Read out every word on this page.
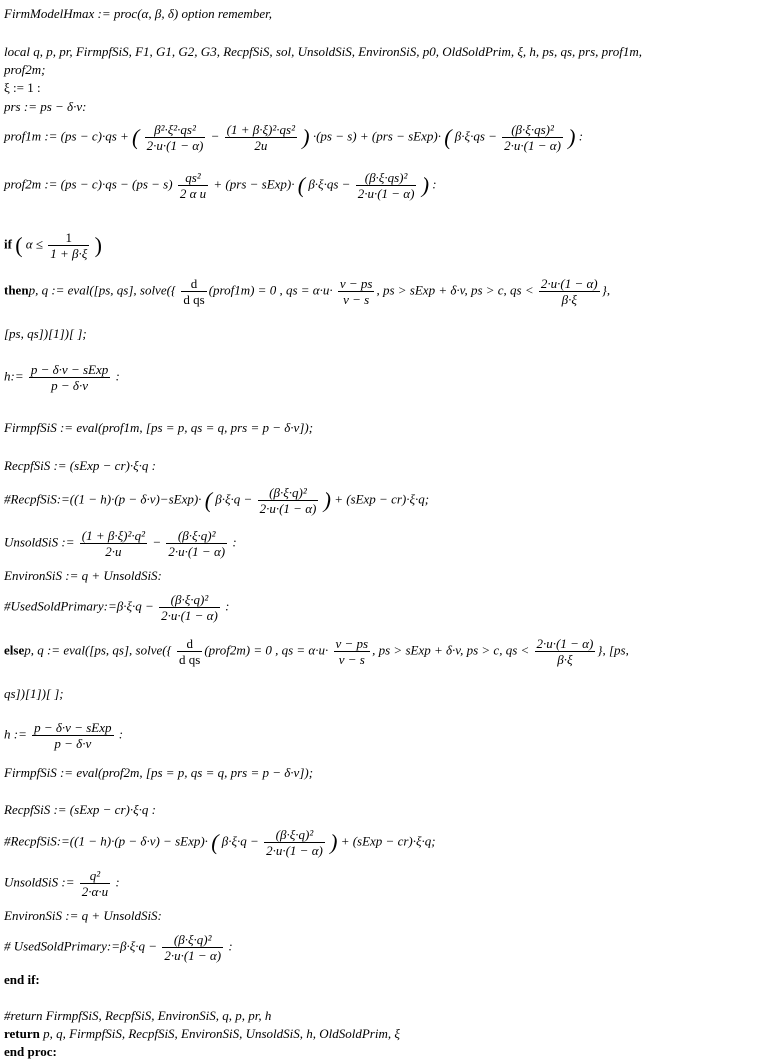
FirmModelHmax := proc(α, β, δ) option remember,
local q, p, pr, FirmpfSiS, F1, G1, G2, G3, RecpfSiS, sol, UnsoldSiS, EnvironSiS, p0, OldSoldPrim, ξ, h, ps, qs, prs, prof1m,
prof2m;
ξ := 1 :
prs := ps − δ·v:
prof1m := (ps − c)·qs + ( $\frac{\text{β²·ξ²·qs²}}{2\cdot u\cdot(1 - \alpha)} - \frac{\text{(1 + β·ξ)²·qs²}}{2u}$ ) ·(ps − s) + (prs − sExp)· ( $\beta\cdot\xi\cdot qs - \frac{\text{(β·ξ·qs)²}}{2\cdot u\cdot(1 - \alpha)}$ ) :
prof2m := $(ps - c)\cdot qs - (ps - s) \frac{\text{qs²}}{\text{2 α u}} + (prs$ − sExp)· ( $\beta\cdot\xi\cdot qs - \frac{\text{(β·ξ·qs)²}}{2\cdot u\cdot(1 - \alpha)}$ ) :
if ( $\alpha \le \frac{1}{1 + \beta\cdot\xi}$ )
thenp, q := eval([ps, qs], solve({ $\frac{d}{\text{d qs}}$ (prof1m) = 0 , qs = $\alpha\cdot u\cdot \frac{v - ps}{v - s}$ , ps > sExp + δ·v, ps > c, qs < $\frac{2\cdot u\cdot(1 - \alpha)}{\beta\cdot\xi}$ },
[ps, qs])[1])[ ];
h:= $\frac{\text{p − δ·v − sExp}}{p - \delta\cdot v}$ :
FirmpfSiS := eval(prof1m, [ps = p, qs = q, prs = p − δ·v]);
RecpfSiS := (sExp − cr)·ξ·q :
#RecpfSiS:=((1 − h)·(p − δ·v)−sExp)· ( $\beta\cdot\xi\cdot q - \frac{\text{(β·ξ·q)²}}{2\cdot u\cdot(1 - \alpha)}$ ) + (sExp − cr)·ξ·q;
UnsoldSiS := $\frac{\text{(1 + β·ξ)²·q²}}{2\cdot u} - \frac{\text{(β·ξ·q)²}}{2\cdot u\cdot(1 - \alpha)}$ :
EnvironSiS := q + UnsoldSiS:
#UsedSoldPrimary:=β·ξ·q − $\frac{\text{(β·ξ·q)²}}{2\cdot u\cdot(1 - \alpha)}$ :
elsep, q := eval([ps, qs], solve({ $\frac{d}{\text{d qs}}$ (prof2m) = 0 , qs = $\alpha\cdot u\cdot \frac{v - ps}{v - s}$ , ps > sExp + δ·v, ps > c, qs < $\frac{2\cdot u\cdot(1 - \alpha)}{\beta\cdot\xi}$ }, [ps,
qs])[1])[ ];
h := $\frac{\text{p − δ·v − sExp}}{p - \delta\cdot v}$ :
FirmpfSiS := eval(prof2m, [ps = p, qs = q, prs = p − δ·v]);
RecpfSiS := (sExp − cr)·ξ·q :
#RecpfSiS:=((1 − h)·(p − δ·v) − sExp)· ( $\beta\cdot\xi\cdot q - \frac{\text{(β·ξ·q)²}}{2\cdot u\cdot(1 - \alpha)}$ ) + (sExp − cr)·ξ·q;
UnsoldSiS := $\frac{\text{q²}}{2\cdot\alpha\cdot u}$ :
EnvironSiS := q + UnsoldSiS:
# UsedSoldPrimary:=β·ξ·q − $\frac{\text{(β·ξ·q)²}}{2\cdot u\cdot(1 - \alpha)}$ :
end if:
#return FirmpfSiS, RecpfSiS, EnvironSiS, q, p, pr, h
return p, q, FirmpfSiS, RecpfSiS, EnvironSiS, UnsoldSiS, h, OldSoldPrim, ξ
end proc:
